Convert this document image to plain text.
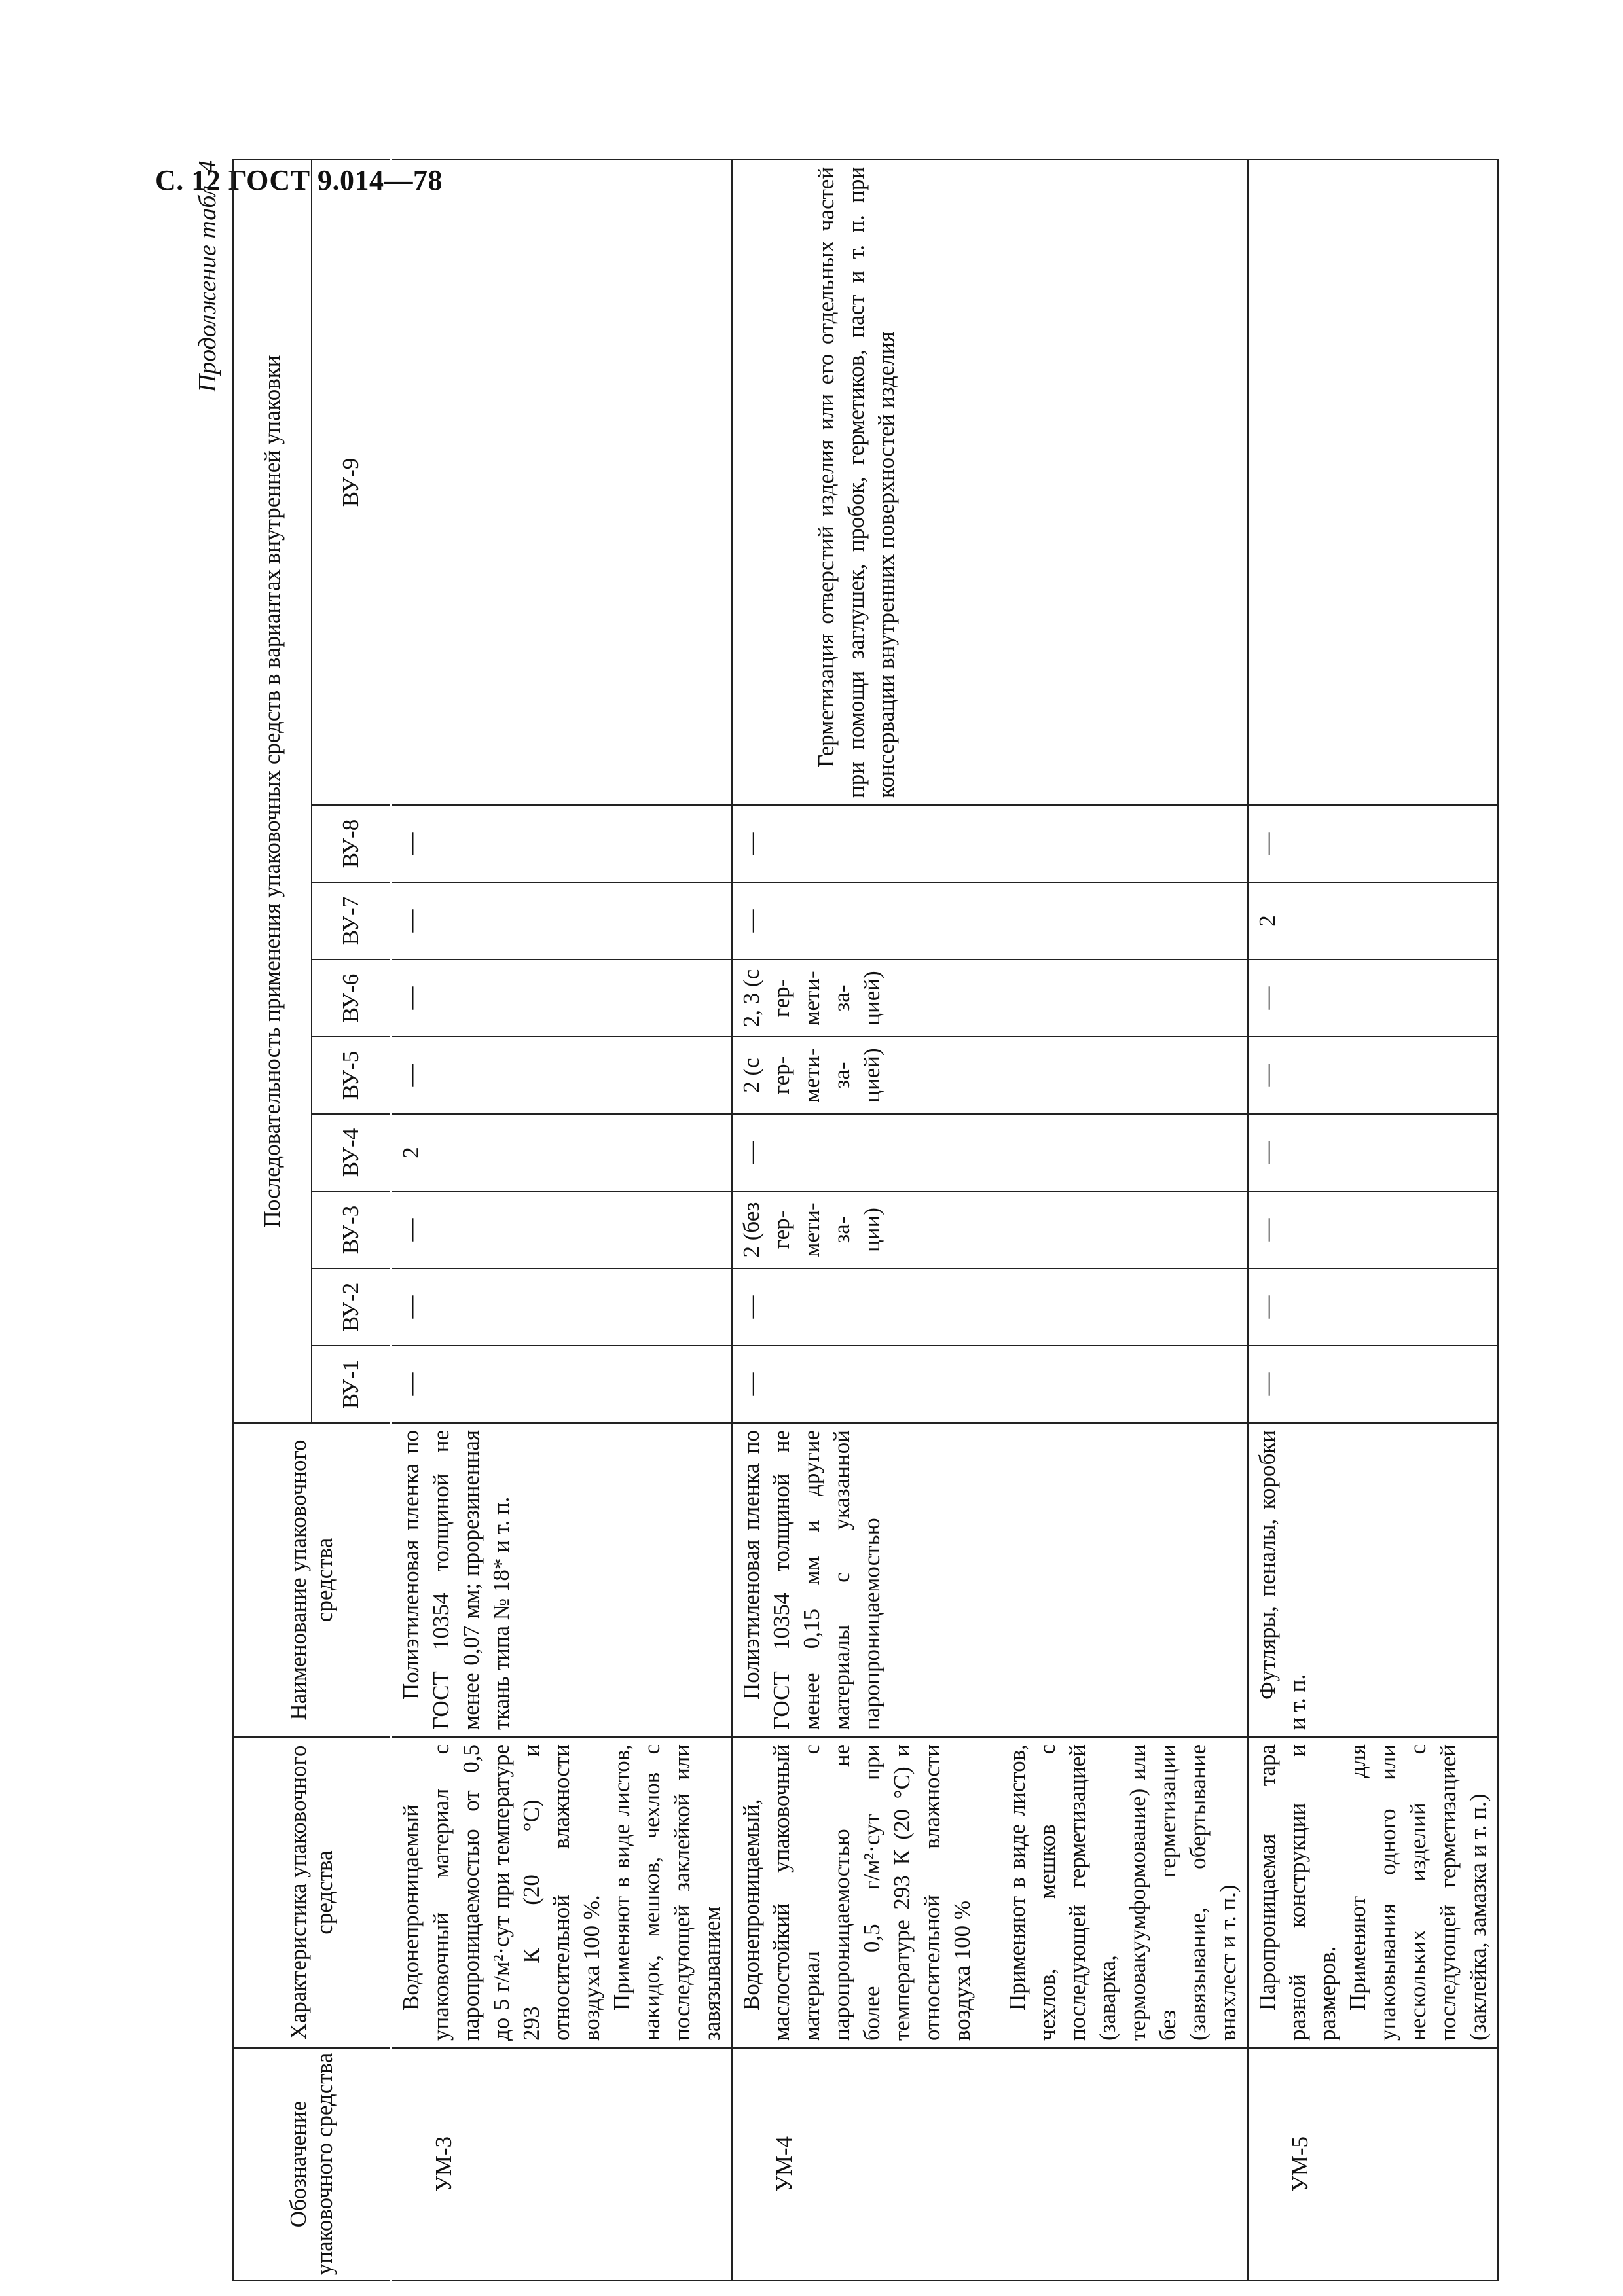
С. 12 ГОСТ 9.014—78
Продолжение табл. 4
Обозначение упаковочного средства	Характеристика упаковочного средства	Наименование упаковочного средства	Последовательность применения упаковочных средств в вариантах внутренней упаковки								
			ВУ-1	ВУ-2	ВУ-3	ВУ-4	ВУ-5	ВУ-6	ВУ-7	ВУ-8	ВУ-9
УМ-3	Водонепроницаемый упаковочный материал с паропроницаемостью от 0,5 до 5 г/м²·сут при температуре 293 К (20 °С) и относительной влажности воздуха 100 %. Применяют в виде листов, накидок, мешков, чехлов с последующей заклейкой или завязыванием	Полиэтиленовая пленка по ГОСТ 10354 толщиной не менее 0,07 мм; прорезиненная ткань типа № 18* и т. п.	—	—	—	2	—	—	—	—	
УМ-4	Водонепроницаемый, маслостойкий упаковочный материал с паропроницаемостью не более 0,5 г/м²·сут при температуре 293 К (20 °С) и относительной влажности воздуха 100 % Применяют в виде листов, чехлов, мешков с последующей герметизацией (заварка, термовакуумформование) или без герметизации (завязывание, обертывание внахлест и т. п.)	Полиэтиленовая пленка по ГОСТ 10354 толщиной не менее 0,15 мм и другие материалы с указанной паропроницаемостью	—	—	2 (без гер- мети- за- ции)	—	2 (с гер- мети- за- цией)	2, 3 (с гер- мети- за- цией)	—	—	Герметизация отверстий изделия или его отдельных частей при помощи заглушек, пробок, герметиков, паст и т. п. при консервации внутренних поверхностей изделия
УМ-5	Паропроницаемая тара разной конструкции и размеров. Применяют для упаковывания одного или нескольких изделий с последующей герметизацией (заклейка, замазка и т. п.)	Футляры, пеналы, коробки и т. п.	—	—	—	—	—	—	2	—	
